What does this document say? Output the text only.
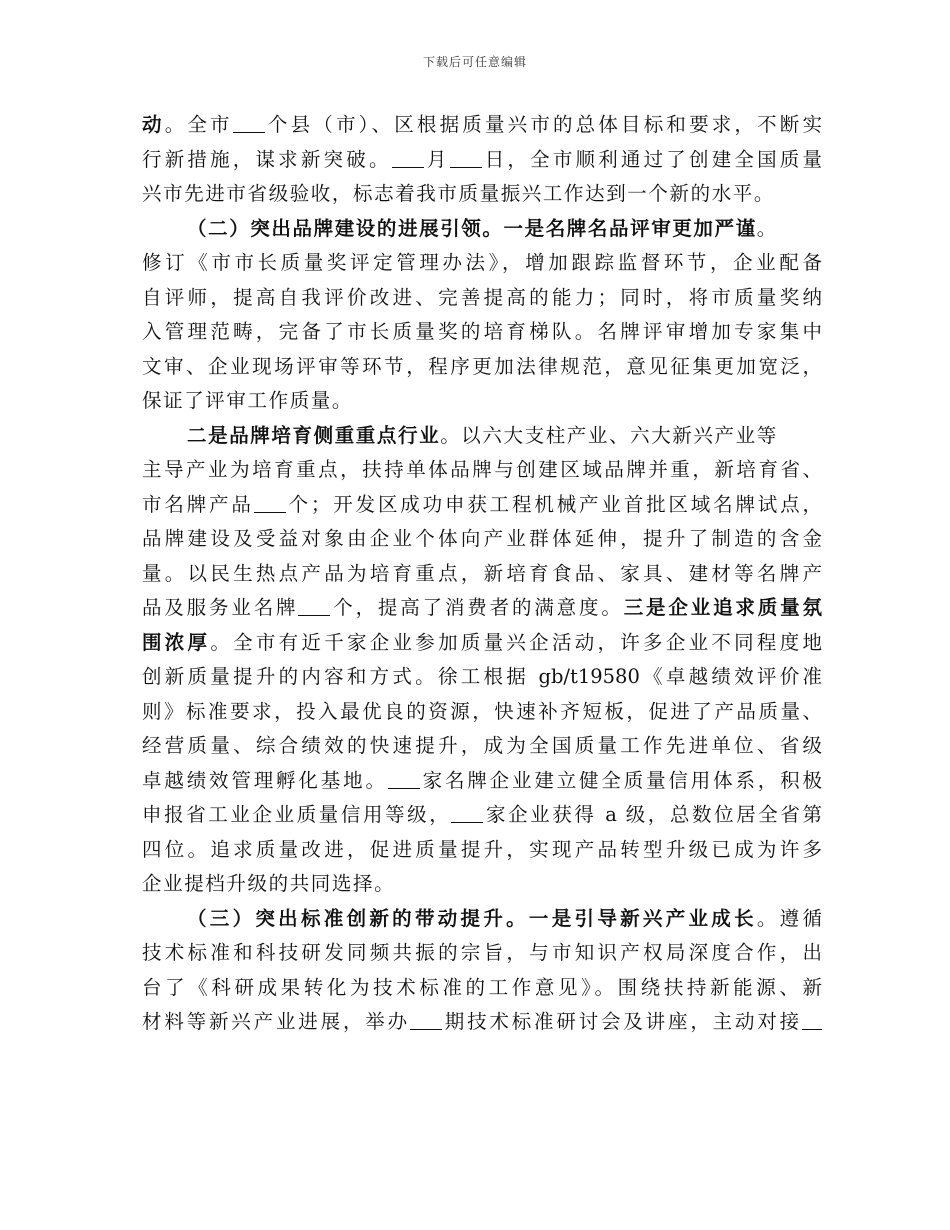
下载后可任意编辑
动。全市 个县（市）、区根据质量兴市的总体目标和要求，不断实
行新措施，谋求新突破。 月 日，全市顺利通过了创建全国质量
兴市先进市省级验收，标志着我市质量振兴工作达到一个新的水平。
（二）突出品牌建设的进展引领。一是名牌名品评审更加严谨。
修订《市市长质量奖评定管理办法》，增加跟踪监督环节，企业配备
自评师，提高自我评价改进、完善提高的能力；同时，将市质量奖纳
入管理范畴，完备了市长质量奖的培育梯队。名牌评审增加专家集中
文审、企业现场评审等环节，程序更加法律规范，意见征集更加宽泛，
保证了评审工作质量。
二是品牌培育侧重重点行业。以六大支柱产业、六大新兴产业等
主导产业为培育重点，扶持单体品牌与创建区域品牌并重，新培育省、
市名牌产品 个；开发区成功申获工程机械产业首批区域名牌试点，
品牌建设及受益对象由企业个体向产业群体延伸，提升了制造的含金
量。以民生热点产品为培育重点，新培育食品、家具、建材等名牌产
品及服务业名牌 个，提高了消费者的满意度。三是企业追求质量氛
围浓厚。全市有近千家企业参加质量兴企活动，许多企业不同程度地
创新质量提升的内容和方式。徐工根据 gb/t19580《卓越绩效评价准
则》标准要求，投入最优良的资源，快速补齐短板，促进了产品质量、
经营质量、综合绩效的快速提升，成为全国质量工作先进单位、省级
卓越绩效管理孵化基地。 家名牌企业建立健全质量信用体系，积极
申报省工业企业质量信用等级， 家企业获得 a 级，总数位居全省第
四位。追求质量改进，促进质量提升，实现产品转型升级已成为许多
企业提档升级的共同选择。
（三）突出标准创新的带动提升。一是引导新兴产业成长。遵循
技术标准和科技研发同频共振的宗旨，与市知识产权局深度合作，出
台了《科研成果转化为技术标准的工作意见》。围绕扶持新能源、新
材料等新兴产业进展，举办 期技术标准研讨会及讲座，主动对接
